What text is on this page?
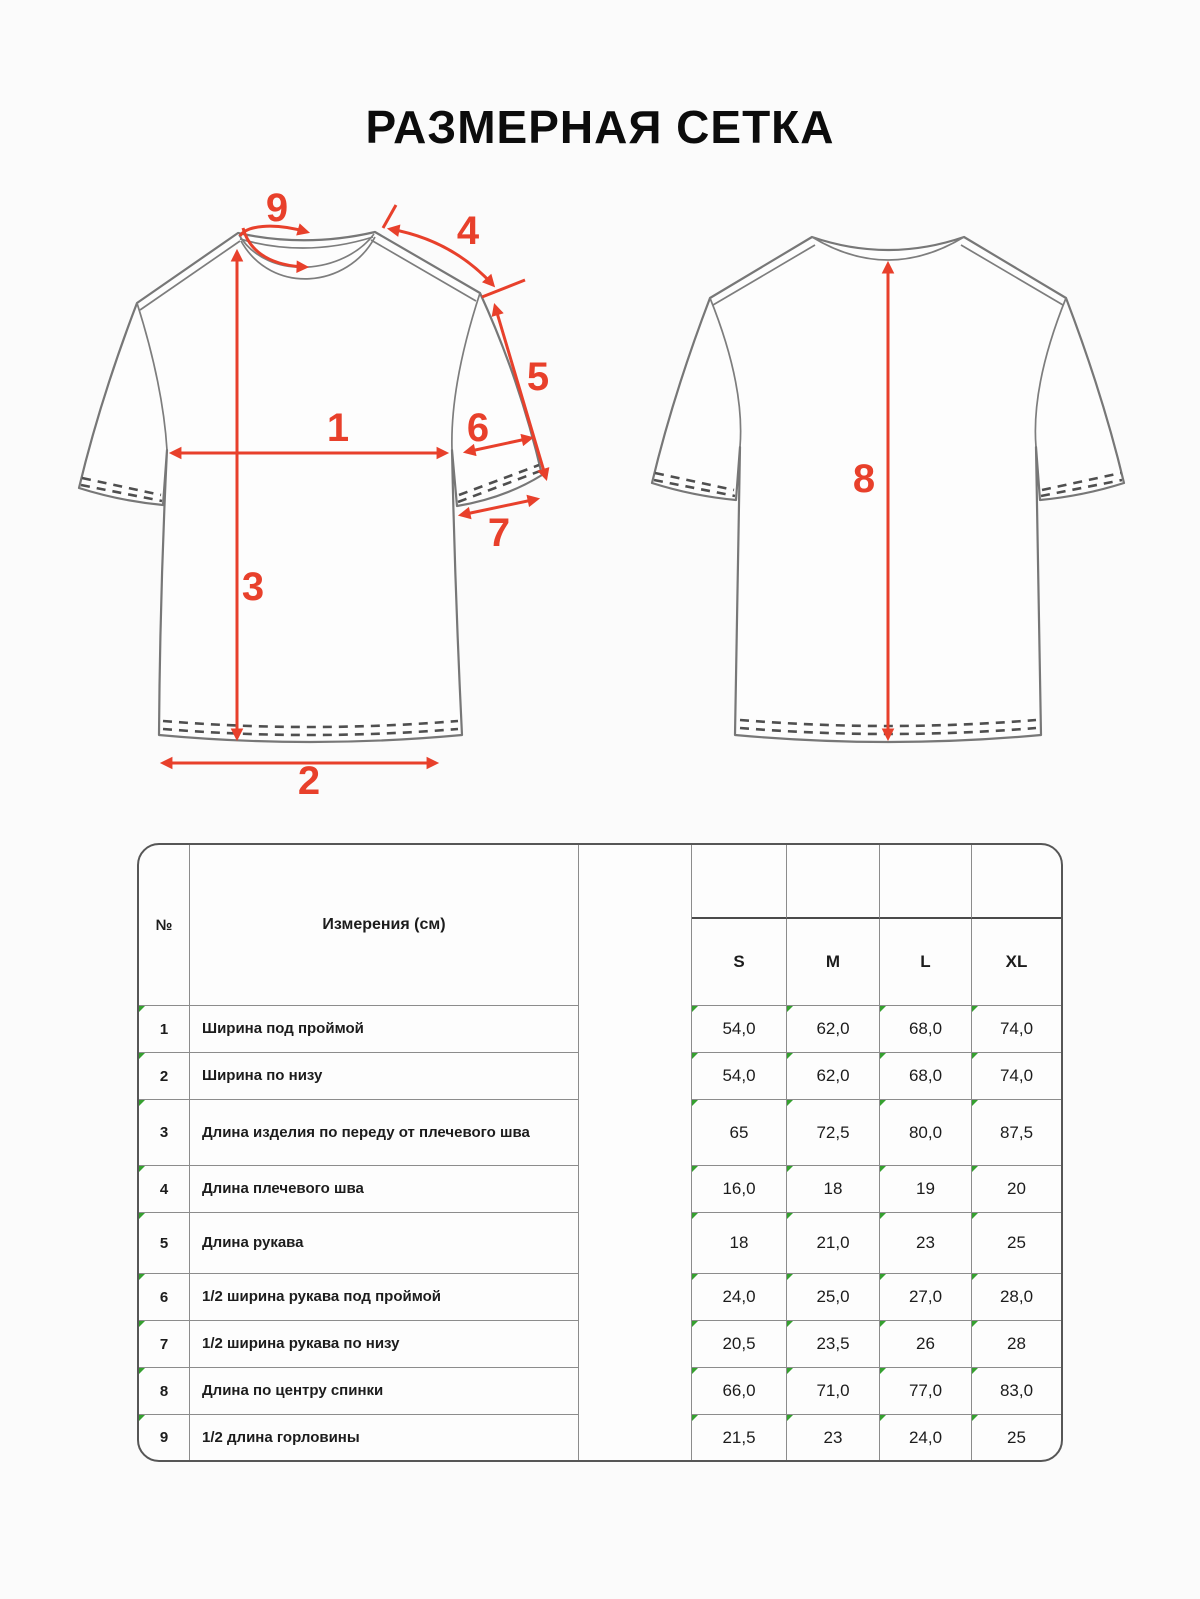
РАЗМЕРНАЯ СЕТКА
1
2
3
4
5
6
7
9
8
№	Измерения (см)
S	M	L	XL
1	Ширина под проймой	54,0	62,0	68,0	74,0
2	Ширина по низу	54,0	62,0	68,0	74,0
3	Длина изделия по переду от плечевого шва	65	72,5	80,0	87,5
4	Длина плечевого шва	16,0	18	19	20
5	Длина рукава	18	21,0	23	25
6	1/2 ширина рукава под проймой	24,0	25,0	27,0	28,0
7	1/2 ширина рукава по низу	20,5	23,5	26	28
8	Длина по центру спинки	66,0	71,0	77,0	83,0
9	1/2 длина горловины	21,5	23	24,0	25
